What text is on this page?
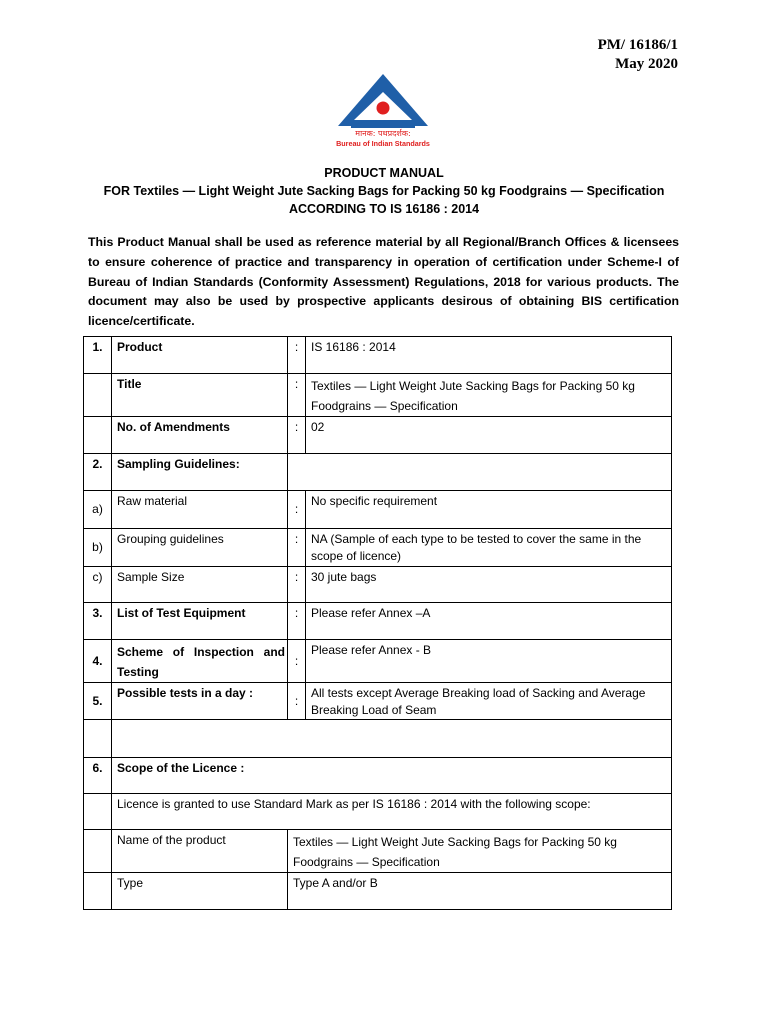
PM/ 16186/1
May 2020
मानक: पथप्रदर्शक:
Bureau of Indian Standards
PRODUCT MANUAL
FOR Textiles — Light Weight Jute Sacking Bags for Packing 50 kg Foodgrains — Specification
ACCORDING TO IS 16186 : 2014
This Product Manual shall be used as reference material by all Regional/Branch Offices & licensees to ensure coherence of practice and transparency in operation of certification under Scheme-I of Bureau of Indian Standards (Conformity Assessment) Regulations, 2018 for various products. The document may also be used by prospective applicants desirous of obtaining BIS certification licence/certificate.
1.	Product	:	IS 16186 : 2014

	Title	:	Textiles — Light Weight Jute Sacking Bags for Packing 50 kg Foodgrains — Specification

	No. of Amendments	:	02

2.	Sampling Guidelines:		

a)	Raw material	:	No specific requirement

b)	Grouping guidelines	:	NA (Sample of each type to be tested to cover the same in the scope of licence)

c)	Sample Size	:	30 jute bags

3.	List of Test Equipment	:	Please refer Annex –A

4.	Scheme of Inspection and Testing	:	Please refer Annex - B

5.	Possible tests in a day :	:	All tests except Average Breaking load of Sacking and Average Breaking Load of Seam

6.	Scope of the Licence :		

	Licence is granted to use Standard Mark as per IS 16186 : 2014 with the following scope:		

	Name of the product	Textiles — Light Weight Jute Sacking Bags for Packing 50 kg Foodgrains — Specification	

	Type	Type A and/or B	
